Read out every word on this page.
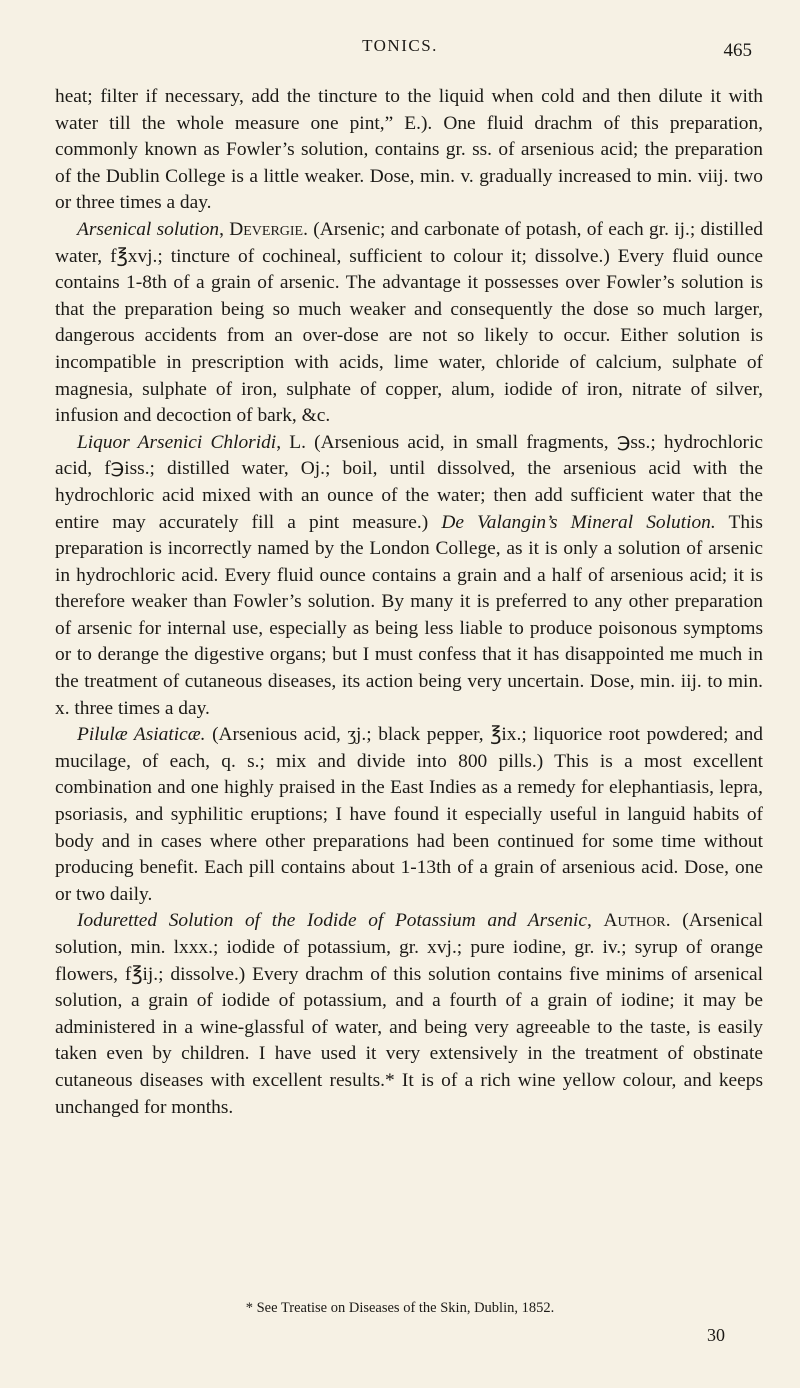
TONICS.	465

heat; filter if necessary, add the tincture to the liquid when cold and then dilute it with water till the whole measure one pint,” E.). One fluid drachm of this preparation, commonly known as Fowler’s solution, contains gr. ss. of arsenious acid; the preparation of the Dublin College is a little weaker. Dose, min. v. gradually increased to min. viij. two or three times a day.

Arsenical solution, Devergie. (Arsenic; and carbonate of potash, of each gr. ij.; distilled water, f℥xvj.; tincture of cochineal, sufficient to colour it; dissolve.) Every fluid ounce contains 1-8th of a grain of arsenic. The advantage it possesses over Fowler’s solution is that the preparation being so much weaker and consequently the dose so much larger, dangerous accidents from an over-dose are not so likely to occur. Either solution is incompatible in prescription with acids, lime water, chloride of calcium, sulphate of magnesia, sulphate of iron, sulphate of copper, alum, iodide of iron, nitrate of silver, infusion and decoction of bark, &c.

Liquor Arsenici Chloridi, L. (Arsenious acid, in small fragments, ℈ss.; hydrochloric acid, f℈iss.; distilled water, Oj.; boil, until dissolved, the arsenious acid with the hydrochloric acid mixed with an ounce of the water; then add sufficient water that the entire may accurately fill a pint measure.) De Valangin’s Mineral Solution. This preparation is incorrectly named by the London College, as it is only a solution of arsenic in hydrochloric acid. Every fluid ounce contains a grain and a half of arsenious acid; it is therefore weaker than Fowler’s solution. By many it is preferred to any other preparation of arsenic for internal use, especially as being less liable to produce poisonous symptoms or to derange the digestive organs; but I must confess that it has disappointed me much in the treatment of cutaneous diseases, its action being very uncertain. Dose, min. iij. to min. x. three times a day.

Pilulæ Asiaticæ. (Arsenious acid, ʒj.; black pepper, ℥ix.; liquorice root powdered; and mucilage, of each, q. s.; mix and divide into 800 pills.) This is a most excellent combination and one highly praised in the East Indies as a remedy for elephantiasis, lepra, psoriasis, and syphilitic eruptions; I have found it especially useful in languid habits of body and in cases where other preparations had been continued for some time without producing benefit. Each pill contains about 1-13th of a grain of arsenious acid. Dose, one or two daily.

Ioduretted Solution of the Iodide of Potassium and Arsenic, Author. (Arsenical solution, min. lxxx.; iodide of potassium, gr. xvj.; pure iodine, gr. iv.; syrup of orange flowers, f℥ij.; dissolve.) Every drachm of this solution contains five minims of arsenical solution, a grain of iodide of potassium, and a fourth of a grain of iodine; it may be administered in a wine-glassful of water, and being very agreeable to the taste, is easily taken even by children. I have used it very extensively in the treatment of obstinate cutaneous diseases with excellent results.* It is of a rich wine yellow colour, and keeps unchanged for months.

* See Treatise on Diseases of the Skin, Dublin, 1852.
30
